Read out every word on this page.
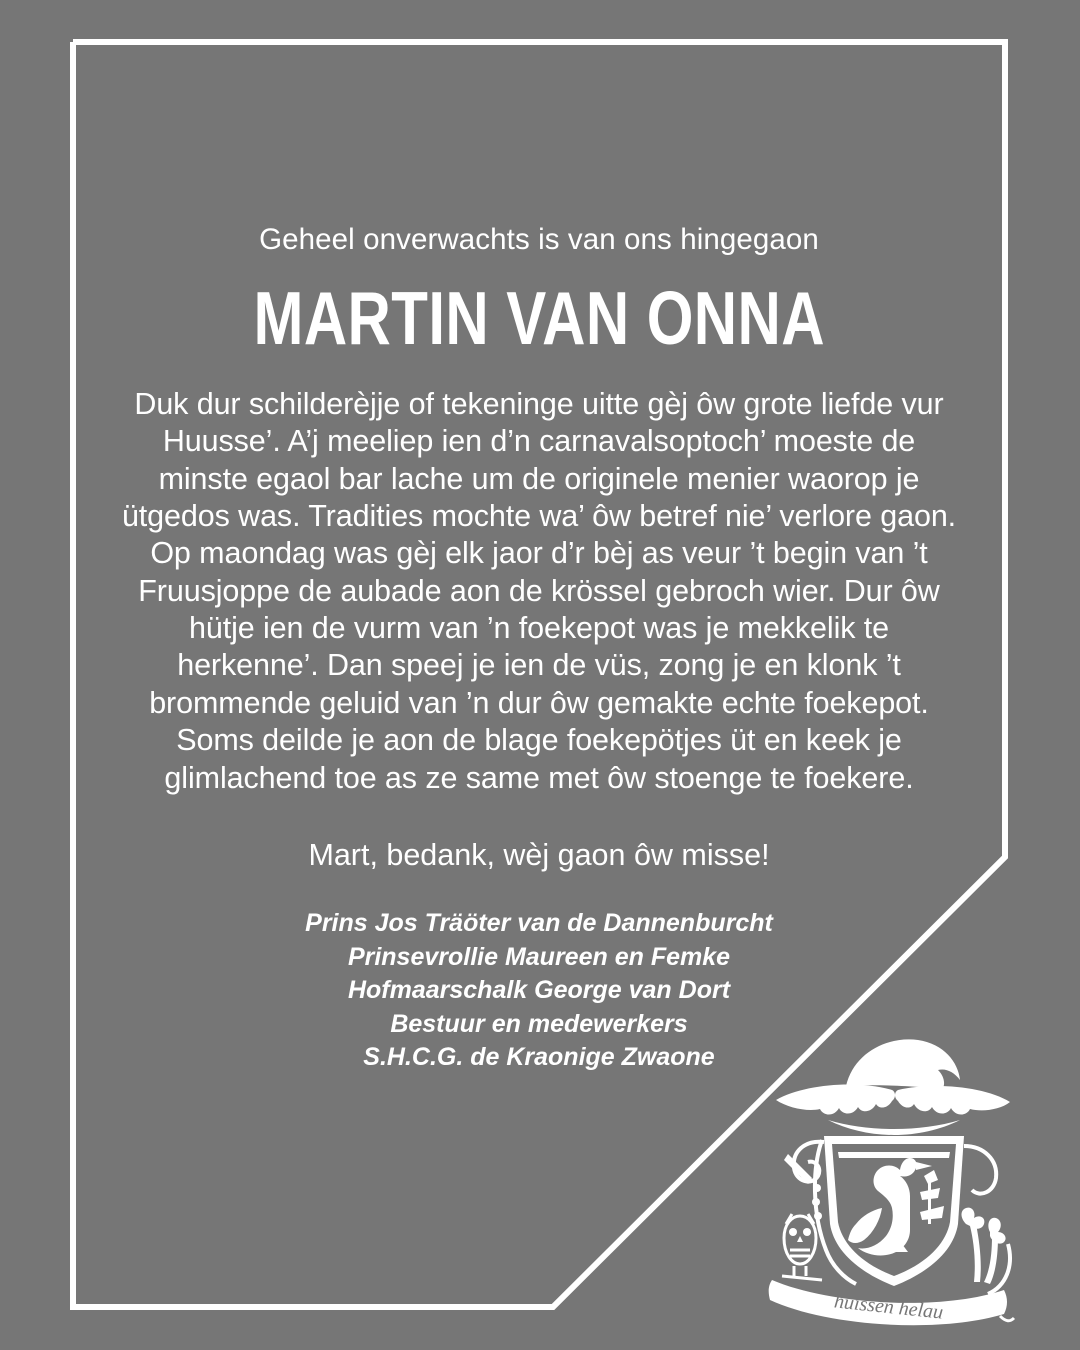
Geheel onverwachts is van ons hingegaon
MARTIN VAN ONNA
Duk dur schilderèjje of tekeninge uitte gèj ôw grote liefde vur Huusse’. A’j meeliep ien d’n carnavalsoptoch’ moeste de minste egaol bar lache um de originele menier waorop je ütgedos was. Tradities mochte wa’ ôw betref nie’ verlore gaon. Op maondag was gèj elk jaor d’r bèj as veur ’t begin van ’t Fruusjoppe de aubade aon de krössel gebroch wier. Dur ôw hütje ien de vurm van ’n foekepot was je mekkelik te herkenne’. Dan speej je ien de vüs, zong je en klonk ’t brommende geluid van ’n dur ôw gemakte echte foekepot. Soms deilde je aon de blage foekepötjes üt en keek je glimlachend toe as ze same met ôw stoenge te foekere.
Mart, bedank, wèj gaon ôw misse!
Prins Jos Träöter van de Dannenburcht
Prinsevrollie Maureen en Femke
Hofmaarschalk George van Dort
Bestuur en medewerkers
S.H.C.G. de Kraonige Zwaone
huissen helau
